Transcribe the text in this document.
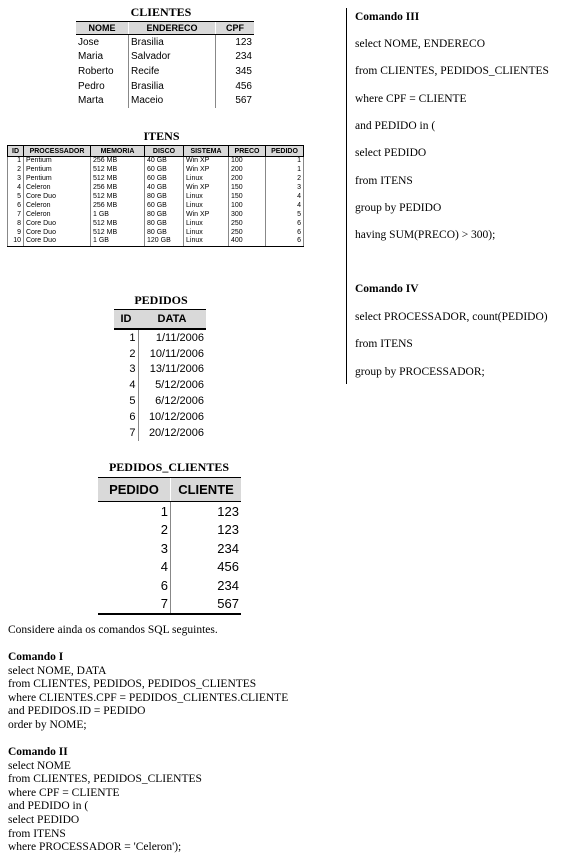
CLIENTES
NOME	ENDERECO	CPF
Jose	Brasilia	123
Maria	Salvador	234
Roberto	Recife	345
Pedro	Brasilia	456
Marta	Maceio	567
ITENS
ID	PROCESSADOR	MEMORIA	DISCO	SISTEMA	PRECO	PEDIDO
1	Pentium	256 MB	40 GB	Win XP	100	1
2	Pentium	512 MB	60 GB	Win XP	200	1
3	Pentium	512 MB	60 GB	Linux	200	2
4	Celeron	256 MB	40 GB	Win XP	150	3
5	Core Duo	512 MB	80 GB	Linux	150	4
6	Celeron	256 MB	60 GB	Linux	100	4
7	Celeron	1 GB	80 GB	Win XP	300	5
8	Core Duo	512 MB	80 GB	Linux	250	6
9	Core Duo	512 MB	80 GB	Linux	250	6
10	Core Duo	1 GB	120 GB	Linux	400	6
PEDIDOS
ID	DATA
1	1/11/2006
2	10/11/2006
3	13/11/2006
4	5/12/2006
5	6/12/2006
6	10/12/2006
7	20/12/2006
PEDIDOS_CLIENTES
PEDIDO	CLIENTE
1	123
2	123
3	234
4	456
6	234
7	567
Comando III
select NOME, ENDERECO
from CLIENTES, PEDIDOS_CLIENTES
where CPF = CLIENTE
and PEDIDO in (
select PEDIDO
from ITENS
group by PEDIDO
having SUM(PRECO) > 300);
Comando IV
select PROCESSADOR, count(PEDIDO)
from ITENS
group by PROCESSADOR;
Considere ainda os comandos SQL seguintes.
Comando I
select NOME, DATA
from CLIENTES, PEDIDOS, PEDIDOS_CLIENTES
where CLIENTES.CPF = PEDIDOS_CLIENTES.CLIENTE
and PEDIDOS.ID = PEDIDO
order by NOME;
Comando II
select NOME
from CLIENTES, PEDIDOS_CLIENTES
where CPF = CLIENTE
and PEDIDO in (
select PEDIDO
from ITENS
where PROCESSADOR = 'Celeron');
